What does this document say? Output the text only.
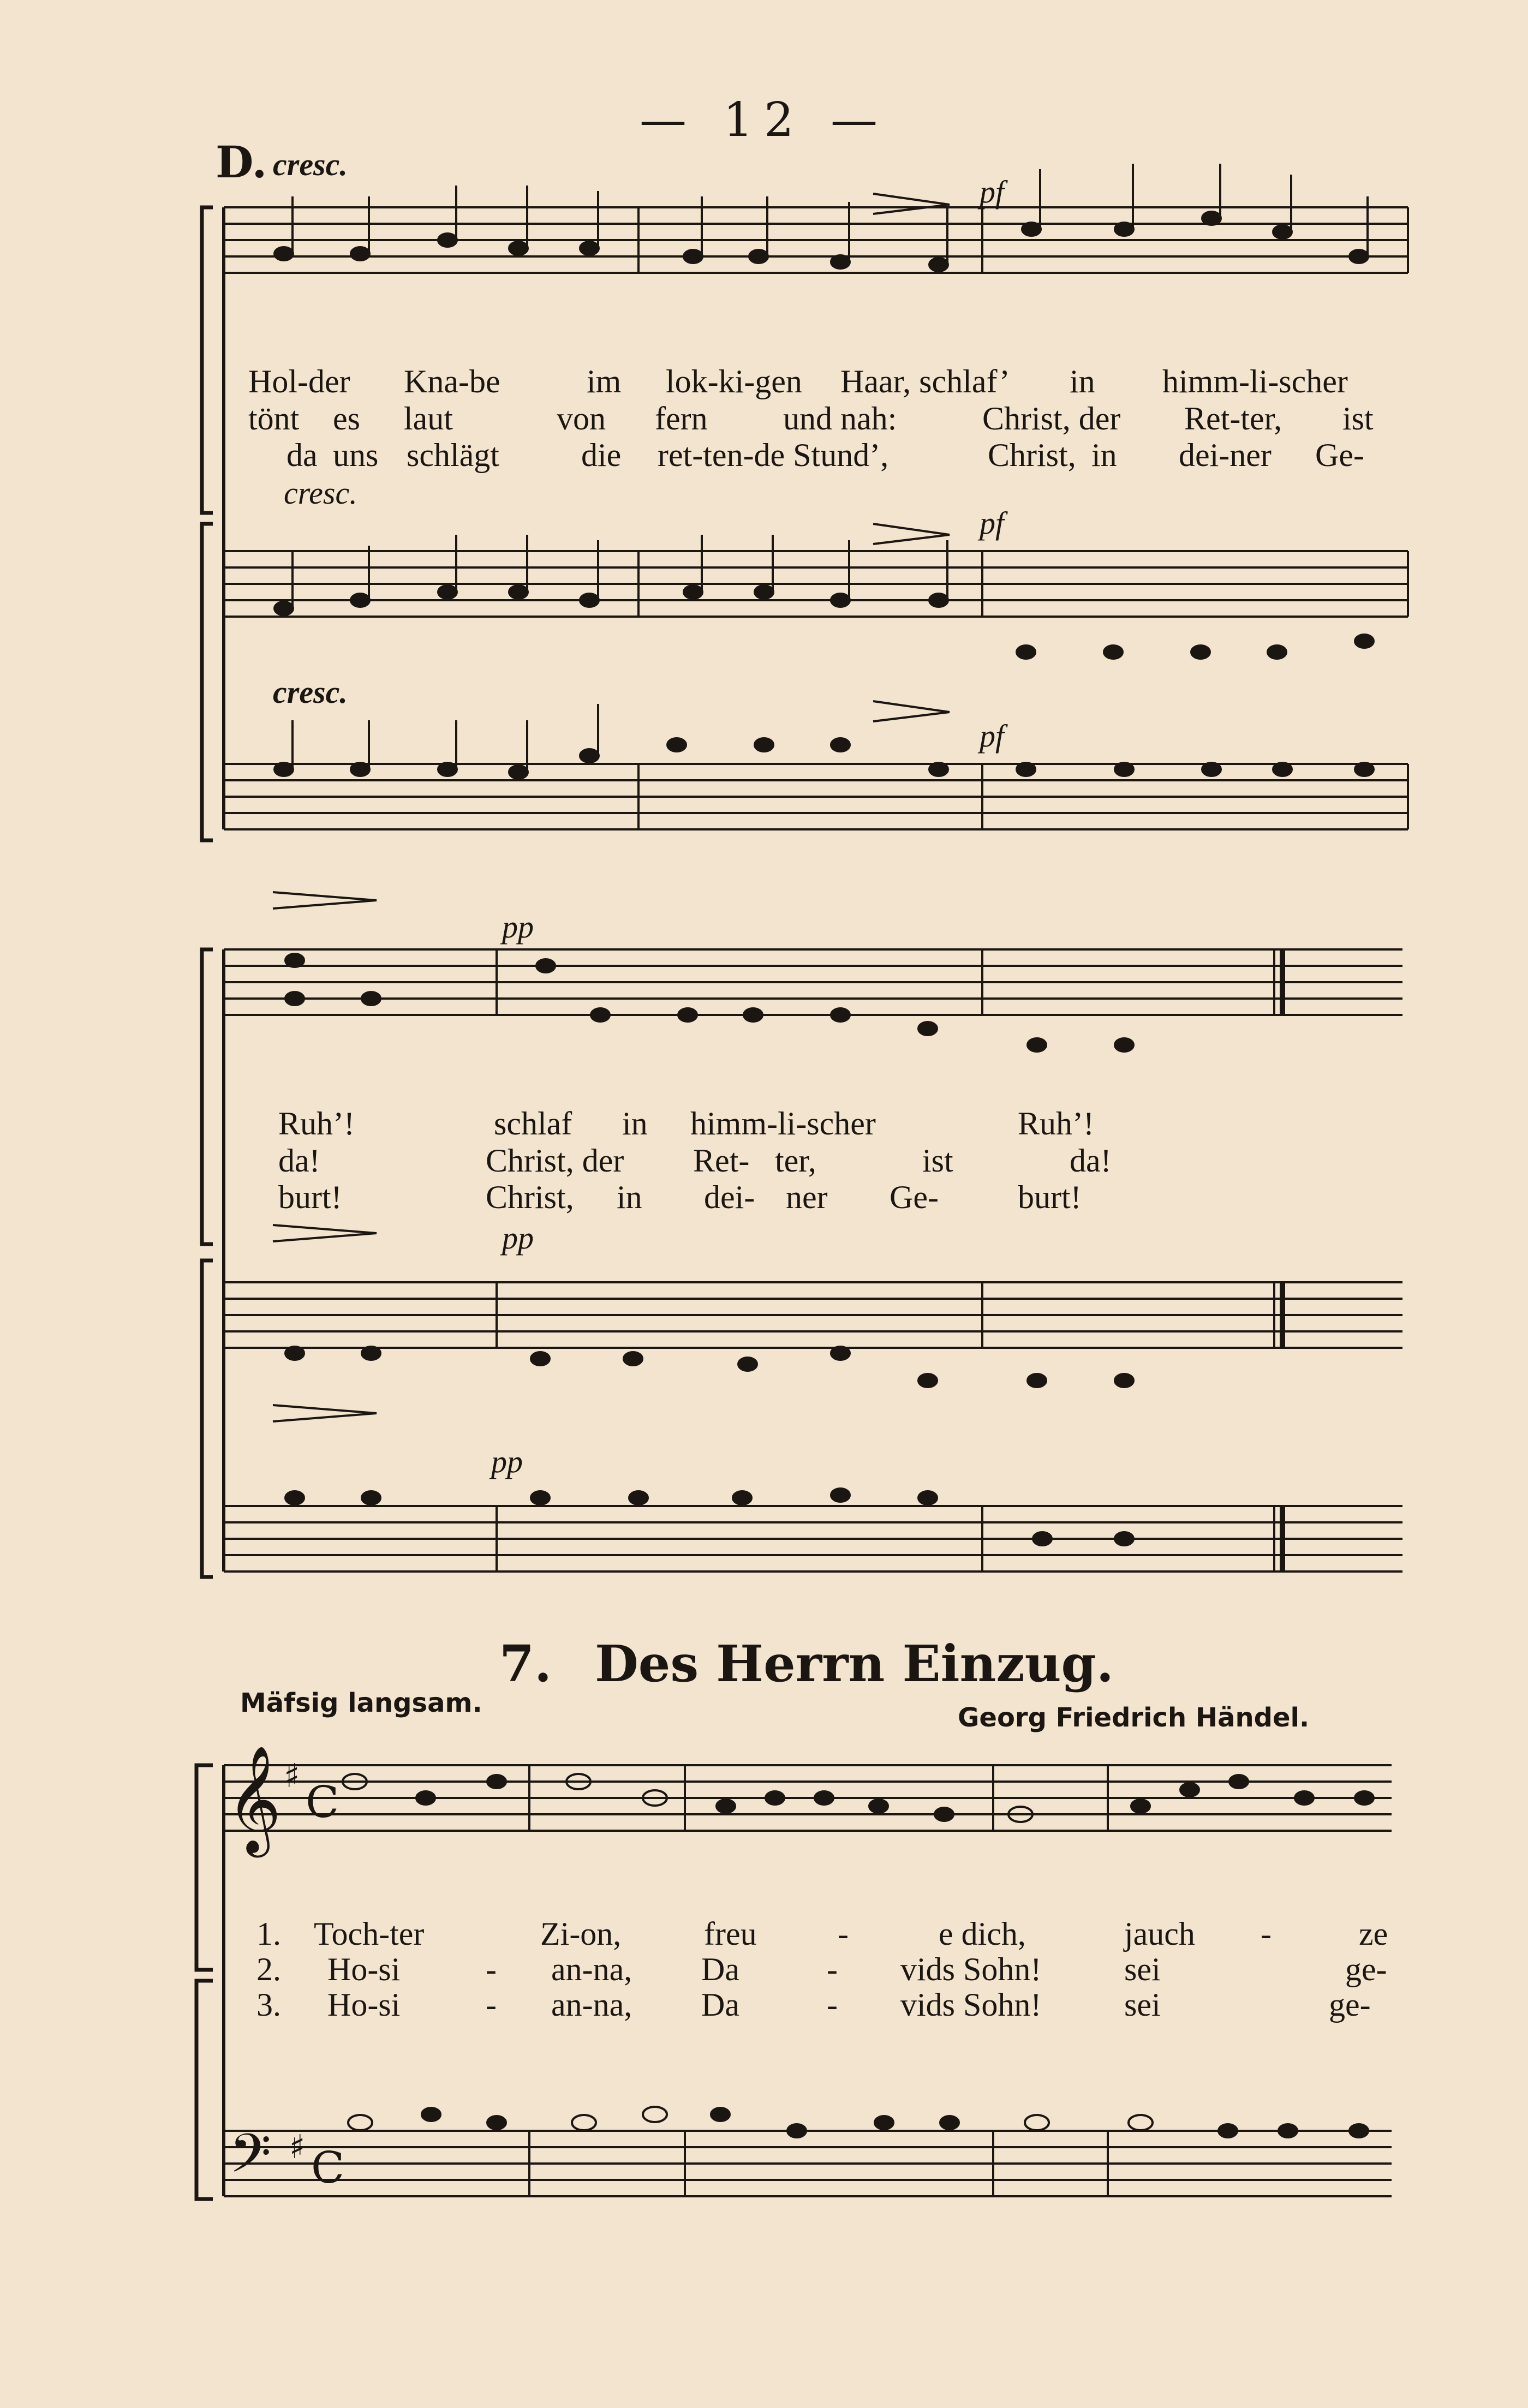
— 12 —
D. cresc.
𝄞
𝄢
♯
♯
C
C
pf
cresc.
pf
cresc.
pf
Hol-der Kna-be	im lok-ki-gen Haar, schlaf’ in himm-li-scher
tönt es laut	von fern und nah:	Christ, der Ret-ter, ist
da uns schlägt	die ret-ten-de Stund’,	Christ, in dei-ner Ge-
pp
pp
pp
Ruh’!	schlaf in himm-li-scher	Ruh’!
da!	Christ, der Ret- ter,	ist	da!
burt!	Christ, in dei- ner Ge- burt!
7. Des Herrn Einzug.
Mäfsig langsam.	Georg Friedrich Händel.
1. Toch-ter	Zi-on,	freu -	e dich,	jauch -	ze
2. Ho-si	- an-na, Da	- vids Sohn!	sei	ge-
3. Ho-si	- an-na, Da	- vids Sohn!	sei	ge-
